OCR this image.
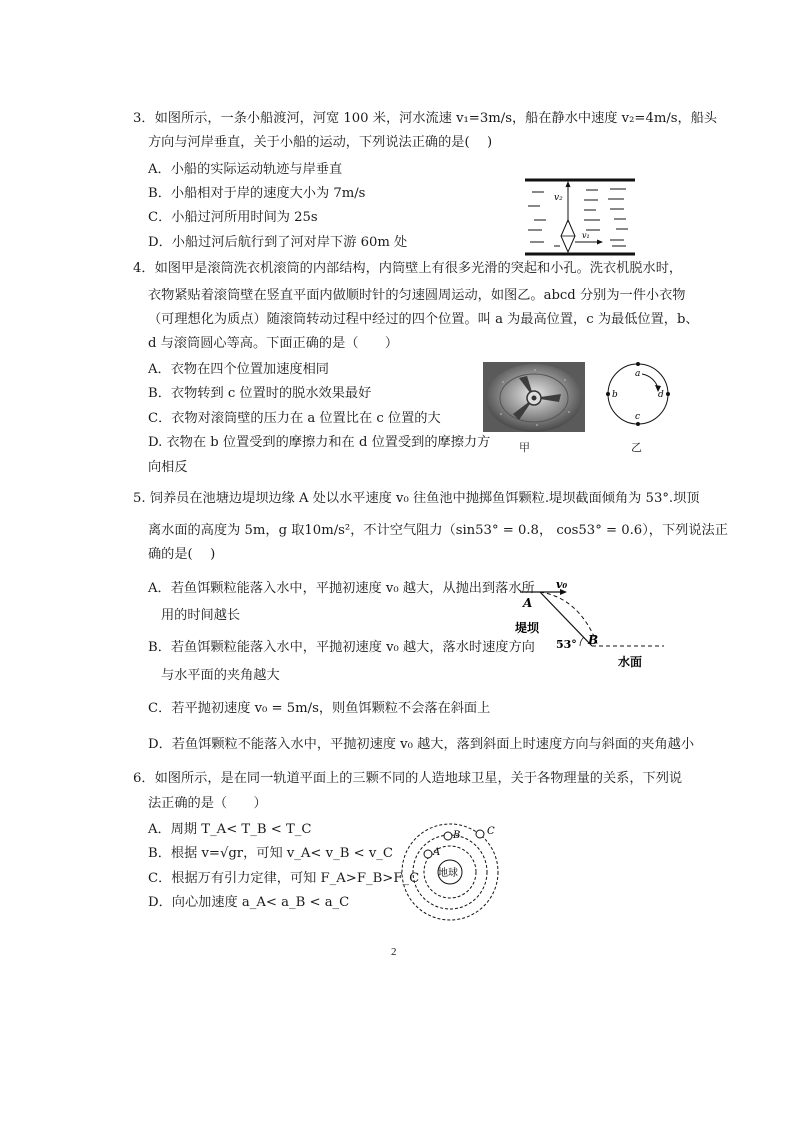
3．如图所示，一条小船渡河，河宽 100 米，河水流速 v₁=3m/s，船在静水中速度 v₂=4m/s，船头
方向与河岸垂直，关于小船的运动，下列说法正确的是(　 )
A．小船的实际运动轨迹与岸垂直
B．小船相对于岸的速度大小为 7m/s
C．小船过河所用时间为 25s
D．小船过河后航行到了河对岸下游 60m 处
v₂
v₁
4．如图甲是滚筒洗衣机滚筒的内部结构，内筒壁上有很多光滑的突起和小孔。洗衣机脱水时，
衣物紧贴着滚筒壁在竖直平面内做顺时针的匀速圆周运动，如图乙。abcd 分别为一件小衣物
（可理想化为质点）随滚筒转动过程中经过的四个位置。叫 a 为最高位置，c 为最低位置，b、
d 与滚筒圆心等高。下面正确的是（　　）
A．衣物在四个位置加速度相同
B．衣物转到 c 位置时的脱水效果最好
C．衣物对滚筒壁的压力在 a 位置比在 c 位置的大
D. 衣物在 b 位置受到的摩擦力和在 d 位置受到的摩擦力方
向相反
a
b
c
d
甲	乙
5. 饲养员在池塘边堤坝边缘 A 处以水平速度 v₀ 往鱼池中抛掷鱼饵颗粒.堤坝截面倾角为 53°.坝顶
离水面的高度为 5m，g 取10m/s²，不计空气阻力（sin53° = 0.8， cos53° = 0.6），下列说法正
确的是(　 )
A．若鱼饵颗粒能落入水中，平抛初速度 v₀ 越大，从抛出到落水所
用的时间越长
B．若鱼饵颗粒能落入水中，平抛初速度 v₀ 越大，落水时速度方向
与水平面的夹角越大
C．若平抛初速度 v₀ = 5m/s，则鱼饵颗粒不会落在斜面上
D．若鱼饵颗粒不能落入水中，平抛初速度 v₀ 越大，落到斜面上时速度方向与斜面的夹角越小
v₀
A
堤坝
53° B
水面
6．如图所示，是在同一轨道平面上的三颗不同的人造地球卫星，关于各物理量的关系，下列说
法正确的是（　　）
A．周期 T_A< T_B < T_C
B．根据 v=√gr，可知 v_A< v_B < v_C
C．根据万有引力定律，可知 F_A>F_B>F_C
D．向心加速度 a_A< a_B < a_C
地球
A
B	C
2
